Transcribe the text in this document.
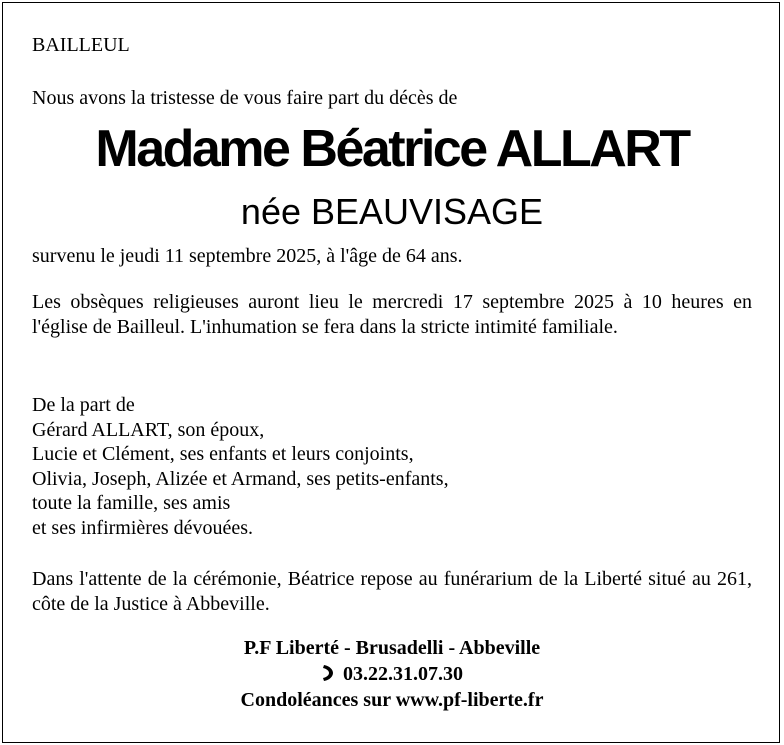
BAILLEUL
Nous avons la tristesse de vous faire part du décès de
Madame Béatrice ALLART
née BEAUVISAGE
survenu le jeudi 11 septembre 2025, à l'âge de 64 ans.
Les obsèques religieuses auront lieu le mercredi 17 septembre 2025 à 10 heures en l'église de Bailleul. L'inhumation se fera dans la stricte intimité familiale.
De la part de
Gérard ALLART, son époux,
Lucie et Clément, ses enfants et leurs conjoints,
Olivia, Joseph, Alizée et Armand, ses petits-enfants,
toute la famille, ses amis
et ses infirmières dévouées.
Dans l'attente de la cérémonie, Béatrice repose au funérarium de la Liberté situé au 261, côte de la Justice à Abbeville.
P.F Liberté - Brusadelli - Abbeville
03.22.31.07.30
Condoléances sur www.pf-liberte.fr
